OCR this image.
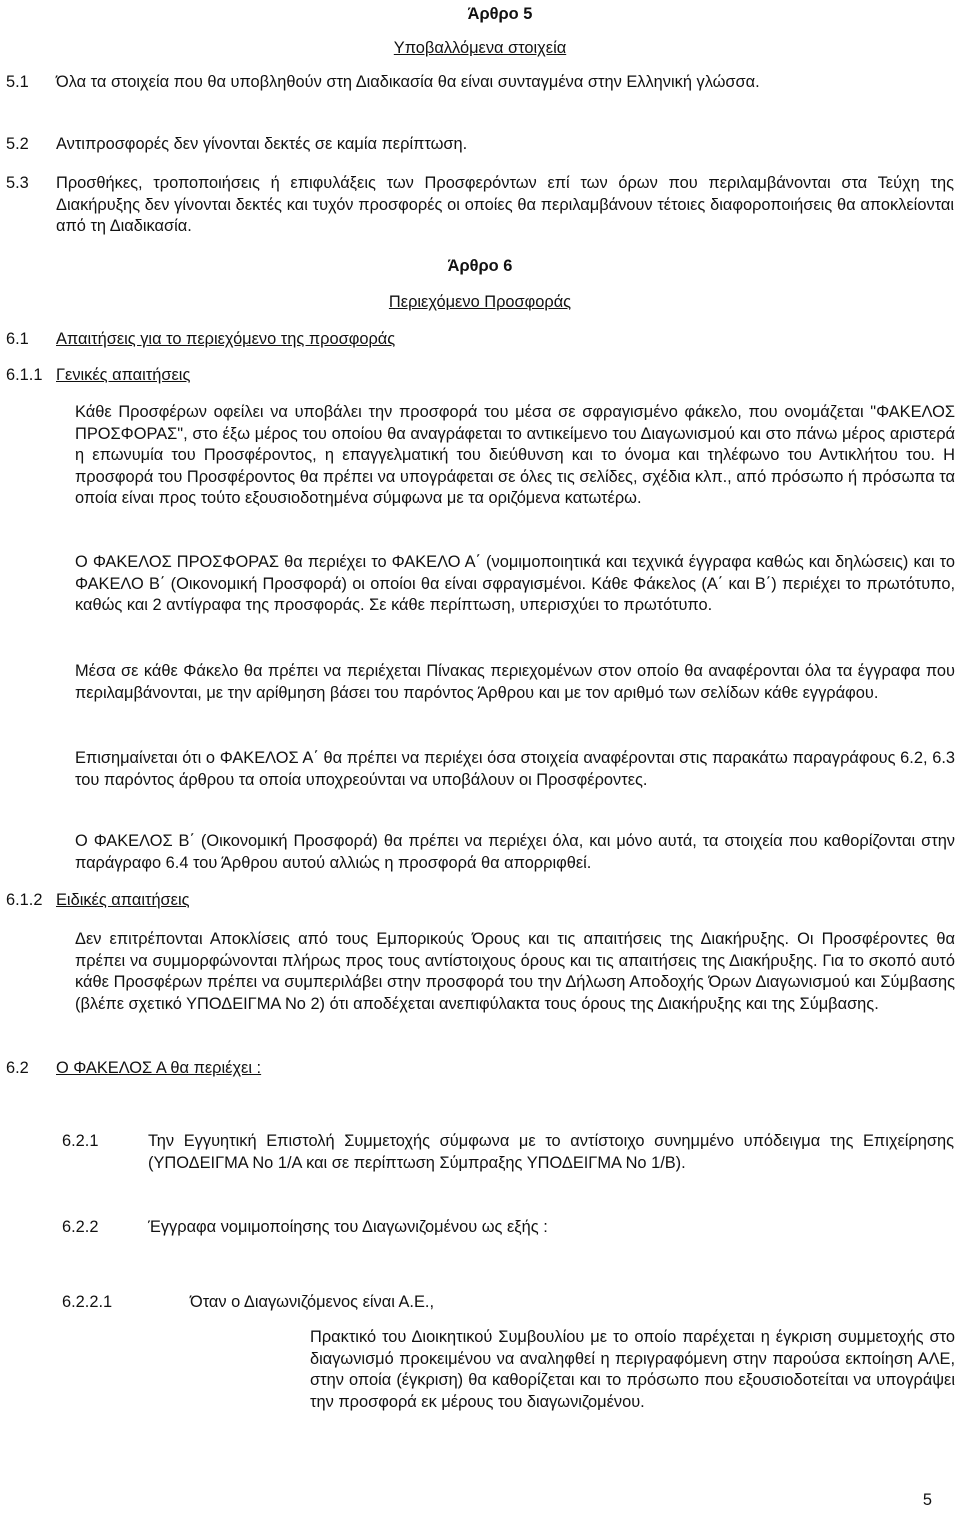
Άρθρο 5
Υποβαλλόμενα στοιχεία
5.1 Όλα τα στοιχεία που θα υποβληθούν στη Διαδικασία θα είναι συνταγμένα στην Ελληνική γλώσσα.
5.2 Αντιπροσφορές δεν γίνονται δεκτές σε καμία περίπτωση.
5.3 Προσθήκες, τροποποιήσεις ή επιφυλάξεις των Προσφερόντων επί των όρων που περιλαμβάνονται στα Τεύχη της Διακήρυξης δεν γίνονται δεκτές και τυχόν προσφορές οι οποίες θα περιλαμβάνουν τέτοιες διαφοροποιήσεις θα αποκλείονται από τη Διαδικασία.
Άρθρο 6
Περιεχόμενο Προσφοράς
6.1 Απαιτήσεις για το περιεχόμενο της προσφοράς
6.1.1 Γενικές απαιτήσεις
Κάθε Προσφέρων οφείλει να υποβάλει την προσφορά του μέσα σε σφραγισμένο φάκελο, που ονομάζεται "ΦΑΚΕΛΟΣ ΠΡΟΣΦΟΡΑΣ", στο έξω μέρος του οποίου θα αναγράφεται το αντικείμενο του Διαγωνισμού και στο πάνω μέρος αριστερά η επωνυμία του Προσφέροντος, η επαγγελματική του διεύθυνση και το όνομα και τηλέφωνο του Αντικλήτου του. Η προσφορά του Προσφέροντος θα πρέπει να υπογράφεται σε όλες τις σελίδες, σχέδια κλπ., από πρόσωπο ή πρόσωπα τα οποία είναι προς τούτο εξουσιοδοτημένα σύμφωνα με τα οριζόμενα κατωτέρω.
Ο ΦΑΚΕΛΟΣ ΠΡΟΣΦΟΡΑΣ θα περιέχει το ΦΑΚΕΛΟ Α΄ (νομιμοποιητικά και τεχνικά έγγραφα καθώς και δηλώσεις) και το ΦΑΚΕΛΟ Β΄ (Οικονομική Προσφορά) οι οποίοι θα είναι σφραγισμένοι. Κάθε Φάκελος (Α΄ και Β΄) περιέχει το πρωτότυπο, καθώς και 2 αντίγραφα της προσφοράς. Σε κάθε περίπτωση, υπερισχύει το πρωτότυπο.
Μέσα σε κάθε Φάκελο θα πρέπει να περιέχεται Πίνακας περιεχομένων στον οποίο θα αναφέρονται όλα τα έγγραφα που περιλαμβάνονται, με την αρίθμηση βάσει του παρόντος Άρθρου και με τον αριθμό των σελίδων κάθε εγγράφου.
Επισημαίνεται ότι ο ΦΑΚΕΛΟΣ Α΄ θα πρέπει να περιέχει όσα στοιχεία αναφέρονται στις παρακάτω παραγράφους 6.2, 6.3 του παρόντος άρθρου τα οποία υποχρεούνται να υποβάλουν οι Προσφέροντες.
Ο ΦΑΚΕΛΟΣ Β΄ (Οικονομική Προσφορά) θα πρέπει να περιέχει όλα, και μόνο αυτά, τα στοιχεία που καθορίζονται στην παράγραφο 6.4 του Άρθρου αυτού αλλιώς η προσφορά θα απορριφθεί.
6.1.2 Ειδικές απαιτήσεις
Δεν επιτρέπονται Αποκλίσεις από τους Εμπορικούς Όρους και τις απαιτήσεις της Διακήρυξης. Οι Προσφέροντες θα πρέπει να συμμορφώνονται πλήρως προς τους αντίστοιχους όρους και τις απαιτήσεις της Διακήρυξης. Για το σκοπό αυτό κάθε Προσφέρων πρέπει να συμπεριλάβει στην προσφορά του την Δήλωση Αποδοχής Όρων Διαγωνισμού και Σύμβασης (βλέπε σχετικό ΥΠΟΔΕΙΓΜΑ Νο 2) ότι αποδέχεται ανεπιφύλακτα τους όρους της Διακήρυξης και της Σύμβασης.
6.2 Ο ΦΑΚΕΛΟΣ Α θα περιέχει :
6.2.1	Την Εγγυητική Επιστολή Συμμετοχής σύμφωνα με το αντίστοιχο συνημμένο υπόδειγμα της Επιχείρησης (ΥΠΟΔΕΙΓΜΑ Νο 1/Α και σε περίπτωση Σύμπραξης ΥΠΟΔΕΙΓΜΑ Νο 1/Β).
6.2.2	Έγγραφα νομιμοποίησης του Διαγωνιζομένου ως εξής :
6.2.2.1	Όταν ο Διαγωνιζόμενος είναι Α.Ε.,
Πρακτικό του Διοικητικού Συμβουλίου με το οποίο παρέχεται η έγκριση συμμετοχής στο διαγωνισμό προκειμένου να αναληφθεί η περιγραφόμενη στην παρούσα εκποίηση ΑΛΕ, στην οποία (έγκριση) θα καθορίζεται και το πρόσωπο που εξουσιοδοτείται να υπογράψει την προσφορά εκ μέρους του διαγωνιζομένου.
5
